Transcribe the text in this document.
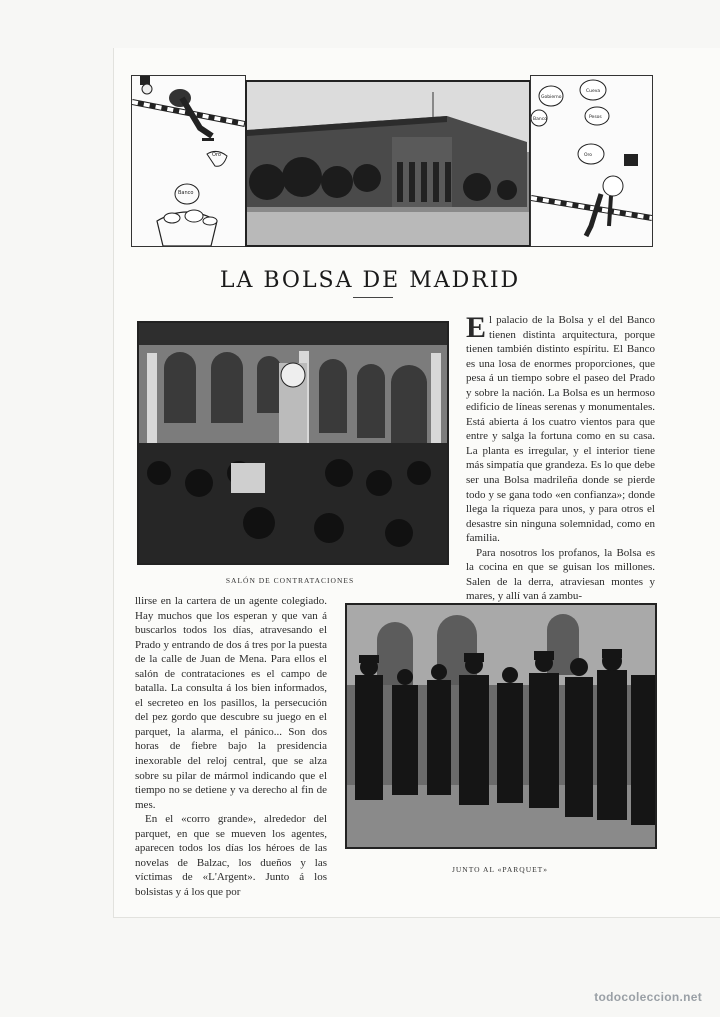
Oro
Banco
Gobierno
Cueva
Banco	Pesos
Oro
LA BOLSA DE MADRID
SALÓN DE CONTRATACIONES

El palacio de la Bolsa y el del Banco tienen distinta arquitectura, porque tienen también distinto espíritu. El Banco es una losa de enormes proporciones, que pesa á un tiempo sobre el paseo del Prado y sobre la nación. La Bolsa es un hermoso edificio de líneas serenas y monumentales. Está abierta á los cuatro vientos para que entre y salga la fortuna como en su casa. La planta es irregular, y el interior tiene más simpatía que grandeza. Es lo que debe ser una Bolsa madrileña donde se pierde todo y se gana todo «en confianza»; donde llega la riqueza para unos, y para otros el desastre sin ninguna solemnidad, como en familia.

Para nosotros los profanos, la Bolsa es la cocina en que se guisan los millones. Salen de la derra, atraviesan montes y mares, y allí van á zambu-

llirse en la cartera de un agente colegiado. Hay muchos que los esperan y que van á buscarlos todos los días, atravesando el Prado y entrando de dos á tres por la puesta de la calle de Juan de Mena. Para ellos el salón de contrataciones es el campo de batalla. La consulta á los bien informados, el secreteo en los pasillos, la persecución del pez gordo que descubre su juego en el parquet, la alarma, el pánico... Son dos horas de fiebre bajo la presidencia inexorable del reloj central, que se alza sobre su pilar de mármol indicando que el tiempo no se detiene y va derecho al fin de mes.

En el «corro grande», alrededor del parquet, en que se mueven los agentes, aparecen todos los días los héroes de las novelas de Balzac, los dueños y las víctimas de «L'Argent». Junto á los bolsistas y á los que por

JUNTO AL «PARQUET»
todocoleccion.net
